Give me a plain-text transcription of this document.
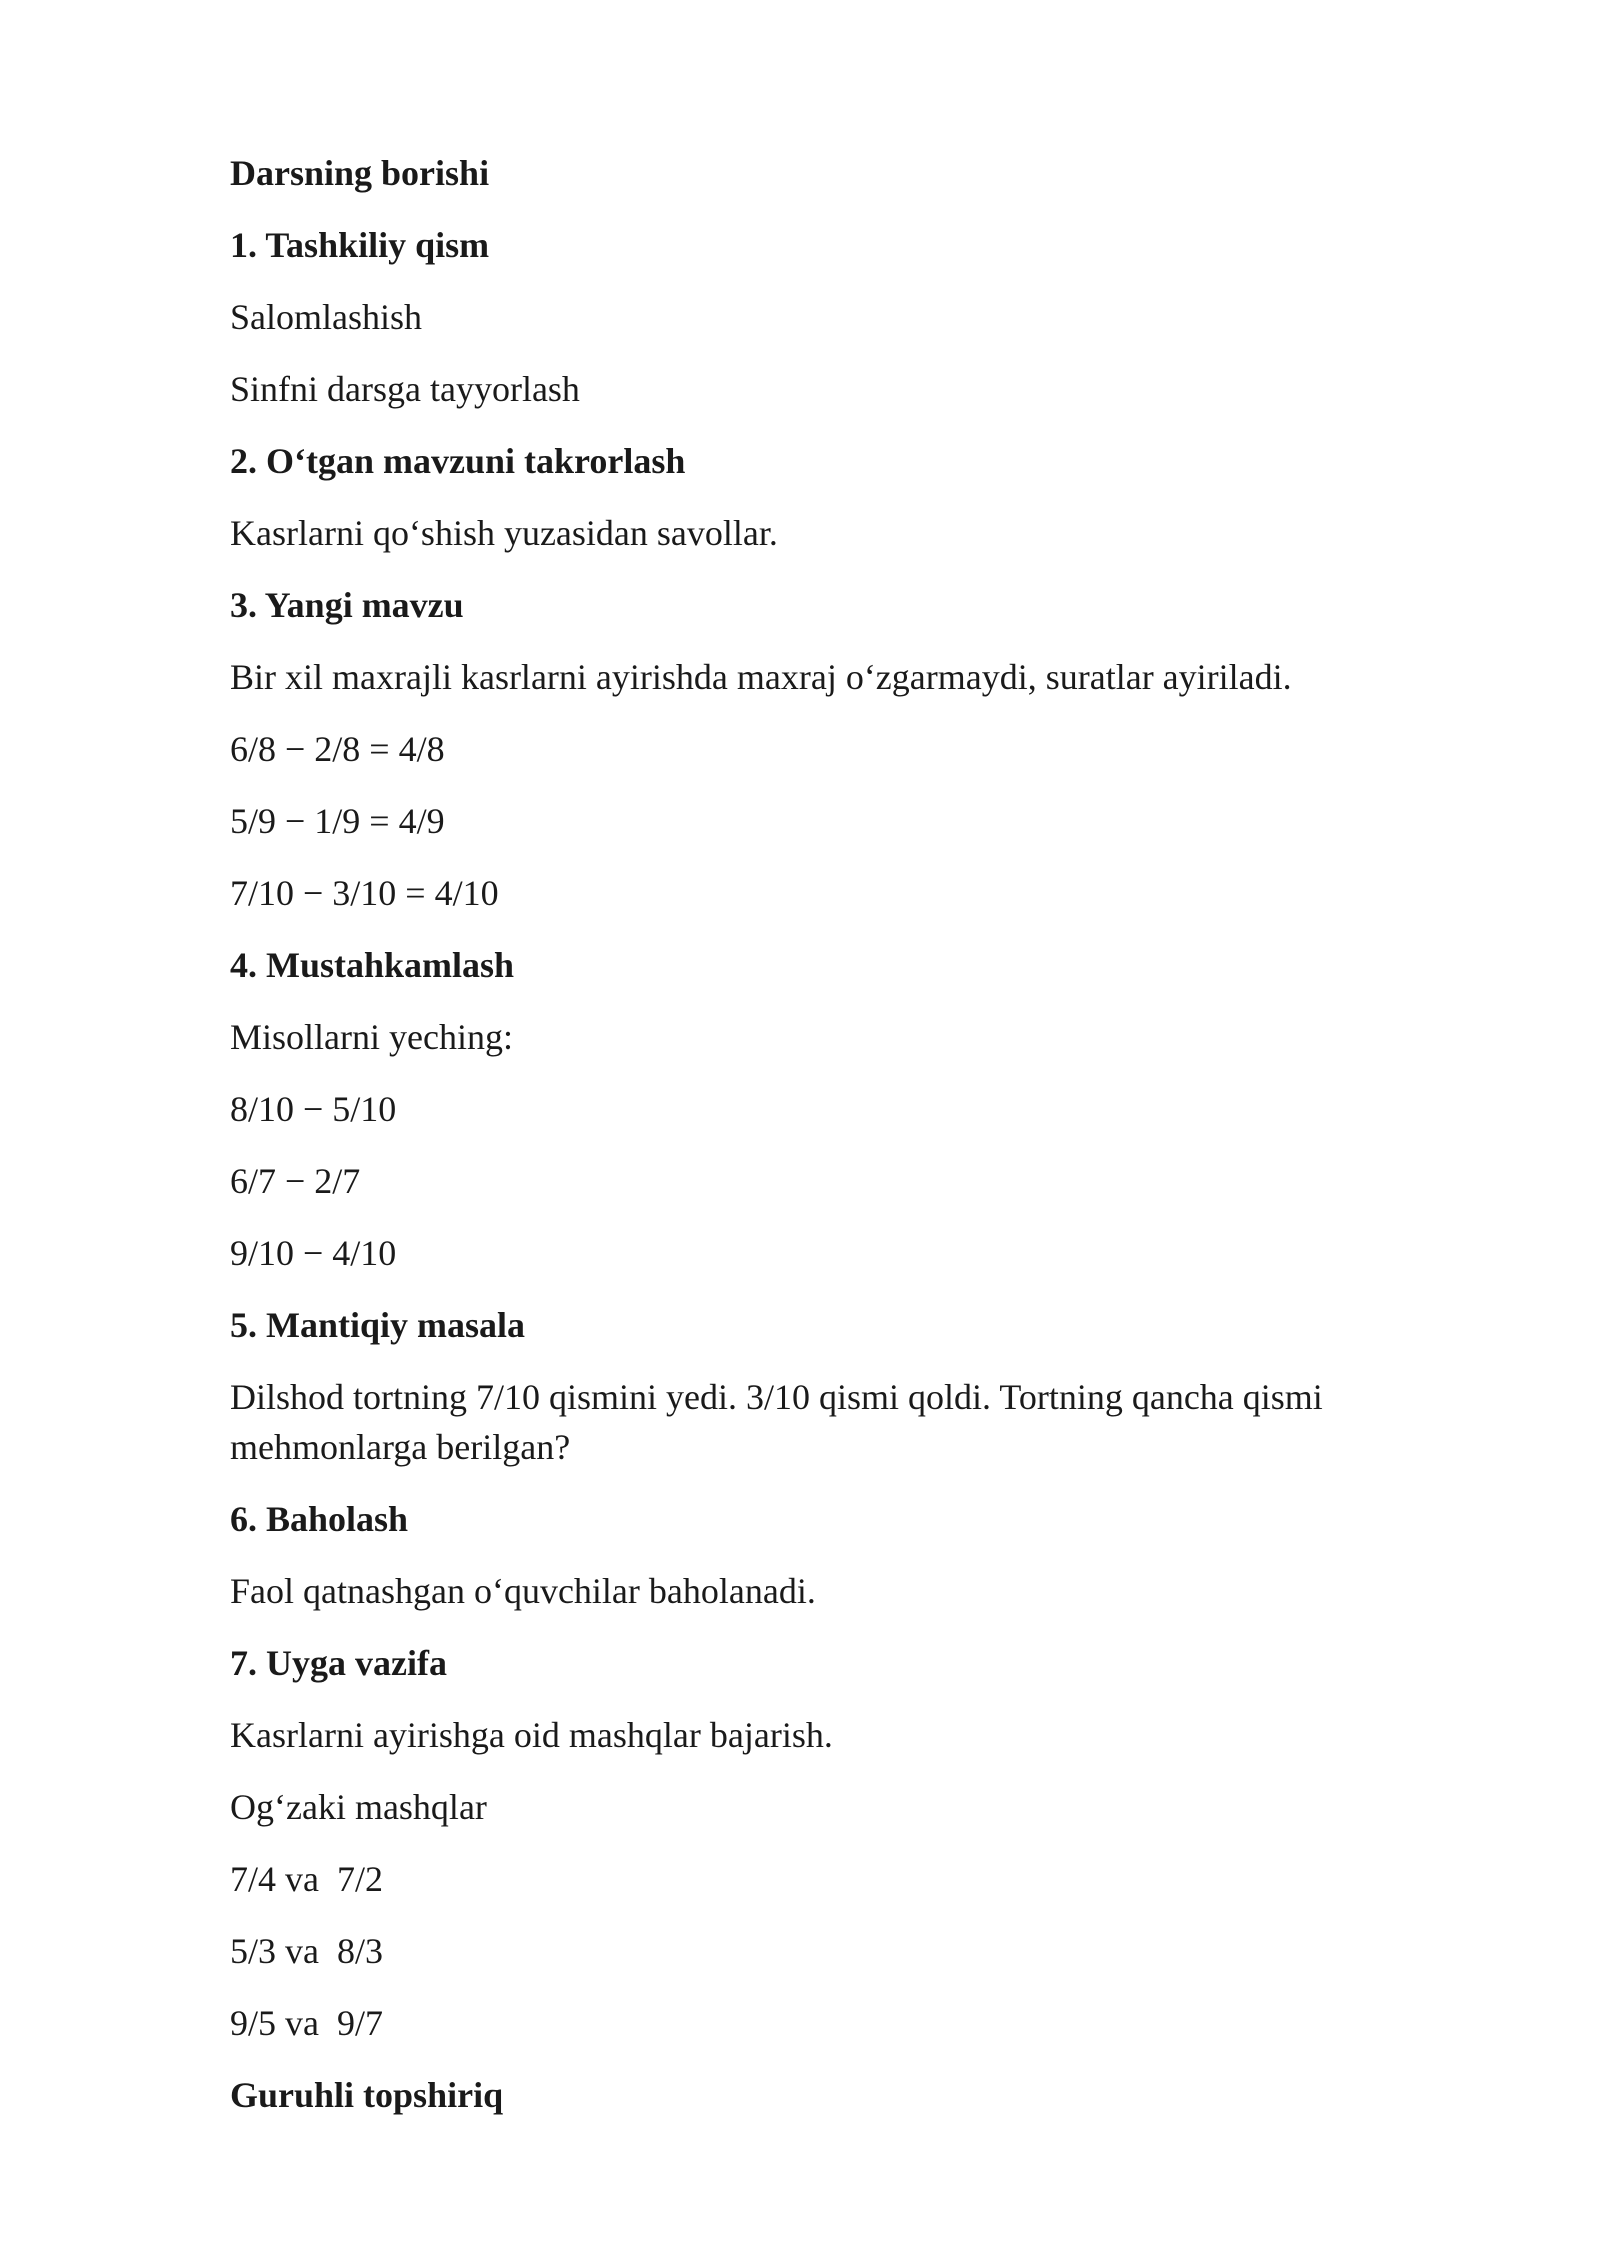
Darsning borishi

1. Tashkiliy qism

Salomlashish

Sinfni darsga tayyorlash

2. O‘tgan mavzuni takrorlash

Kasrlarni qo‘shish yuzasidan savollar.

3. Yangi mavzu

Bir xil maxrajli kasrlarni ayirishda maxraj o‘zgarmaydi, suratlar ayiriladi.

6/8 − 2/8 = 4/8

5/9 − 1/9 = 4/9

7/10 − 3/10 = 4/10

4. Mustahkamlash

Misollarni yeching:

8/10 − 5/10

6/7 − 2/7

9/10 − 4/10

5. Mantiqiy masala

Dilshod tortning 7/10 qismini yedi. 3/10 qismi qoldi. Tortning qancha qismi mehmonlarga berilgan?

6. Baholash

Faol qatnashgan o‘quvchilar baholanadi.

7. Uyga vazifa

Kasrlarni ayirishga oid mashqlar bajarish.

Og‘zaki mashqlar

7/4 va  7/2

5/3 va  8/3

9/5 va  9/7

Guruhli topshiriq
